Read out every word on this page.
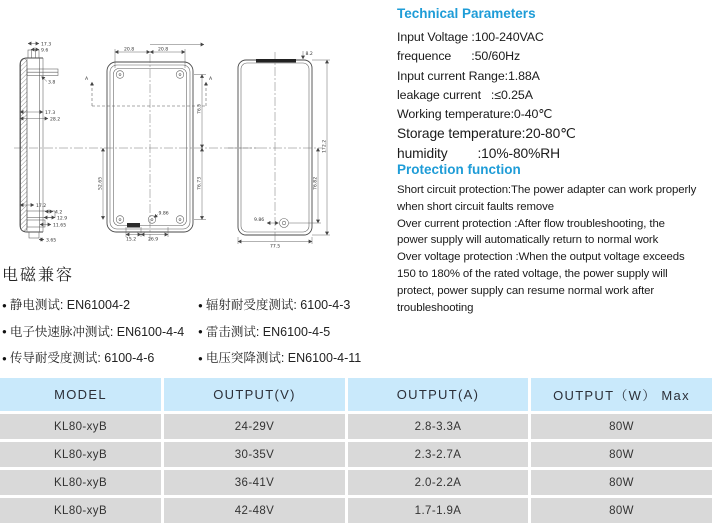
17.3
9.6
3.8
17.3
28.2
17.2
4.2
12.9
11.65
3.65
A	A
20.8	20.8
76.5
76.73
52.65
15.2	26.9
9.86
8.2
9.86
76.82
172.2
77.5
Technical Parameters
Input Voltage :100-240VAC
frequence      :50/60Hz
Input current Range:1.88A
leakage current   :≤0.25A
Working temperature:0-40℃
Storage temperature:20-80℃
humidity        :10%-80%RH
Protection function
Short circuit protection:The power adapter can work properly
when short circuit faults remove
Over current protection :After flow troubleshooting, the
power supply will automatically return to normal work
Over voltage protection :When the output voltage exceeds
150 to 180% of the rated voltage, the power supply will
protect, power supply can resume normal work after
troubleshooting
电磁兼容
● 静电测试: EN61004-2	● 辐射耐受度测试: 6100-4-3
● 电子快速脉冲测试: EN6100-4-4	● 雷击测试: EN6100-4-5
● 传导耐受度测试: 6100-4-6	● 电压突降测试: EN6100-4-11
MODEL	OUTPUT(V)	OUTPUT(A)	OUTPUT（W） Max
KL80-xyB	24-29V	2.8-3.3A	80W
KL80-xyB	30-35V	2.3-2.7A	80W
KL80-xyB	36-41V	2.0-2.2A	80W
KL80-xyB	42-48V	1.7-1.9A	80W
